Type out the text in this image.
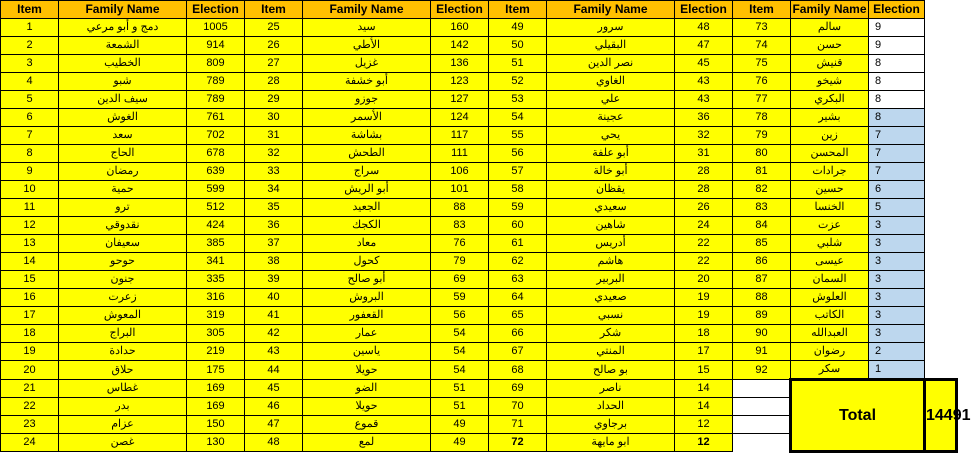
Item	Family Name	Election	Item	Family Name	Election	Item	Family Name	Election	Item	Family Name	Election	
1	دمج و أبو مرعي	1005	25	سيد	160	49	سرور	48	73	سالم	9	
2	الشمعة	914	26	الأطي	142	50	البقيلي	47	74	حسن	9	
3	الخطيب	809	27	غزيل	136	51	نصر الدين	45	75	قنيش	8	
4	شبو	789	28	أبو خشفة	123	52	الغاوي	43	76	شيخو	8	
5	سيف الدين	789	29	جوزو	127	53	علي	43	77	البكري	8	
6	الغوش	761	30	الأسمر	124	54	عجينة	36	78	بشير	8	
7	سعد	702	31	بشاشة	117	55	يحي	32	79	زين	7	
8	الحاج	678	32	الطحش	111	56	أبو علفة	31	80	المحسن	7	
9	رمضان	639	33	سراج	106	57	أبو خالة	28	81	جرادات	7	
10	حمية	599	34	أبو الريش	101	58	يقظان	28	82	حسين	6	
11	ترو	512	35	الجعيد	88	59	سعيدي	26	83	الخنسا	5	
12	نقدوقي	424	36	الكجك	83	60	شاهين	24	84	عزت	3	
13	سعيفان	385	37	معاد	76	61	أدريس	22	85	شلبي	3	
14	حوحو	341	38	كحول	79	62	هاشم	22	86	عيسى	3	
15	جنون	335	39	أبو صالح	69	63	البربير	20	87	السمان	3	
16	زعرت	316	40	البروش	59	64	صعيدي	19	88	العلوش	3	
17	المعوش	319	41	القعفور	56	65	نسبي	19	89	الكاتب	3	
18	البراج	305	42	عمار	54	66	شكر	18	90	العبدالله	3	
19	حدادة	219	43	ياسين	54	67	المنتي	17	91	رضوان	2	
20	حلاق	175	44	حويلا	54	68	بو صالح	15	92	سكر	1	
21	غطاس	169	45	الضو	51	69	ناصر	14		Total		14491
22	بدر	169	46	حويلا	51	70	الحداد	14				
23	عزام	150	47	قموع	49	71	برجاوي	12				
24	غصن	130	48	لمع	49	72	ابو مايهة	12				
